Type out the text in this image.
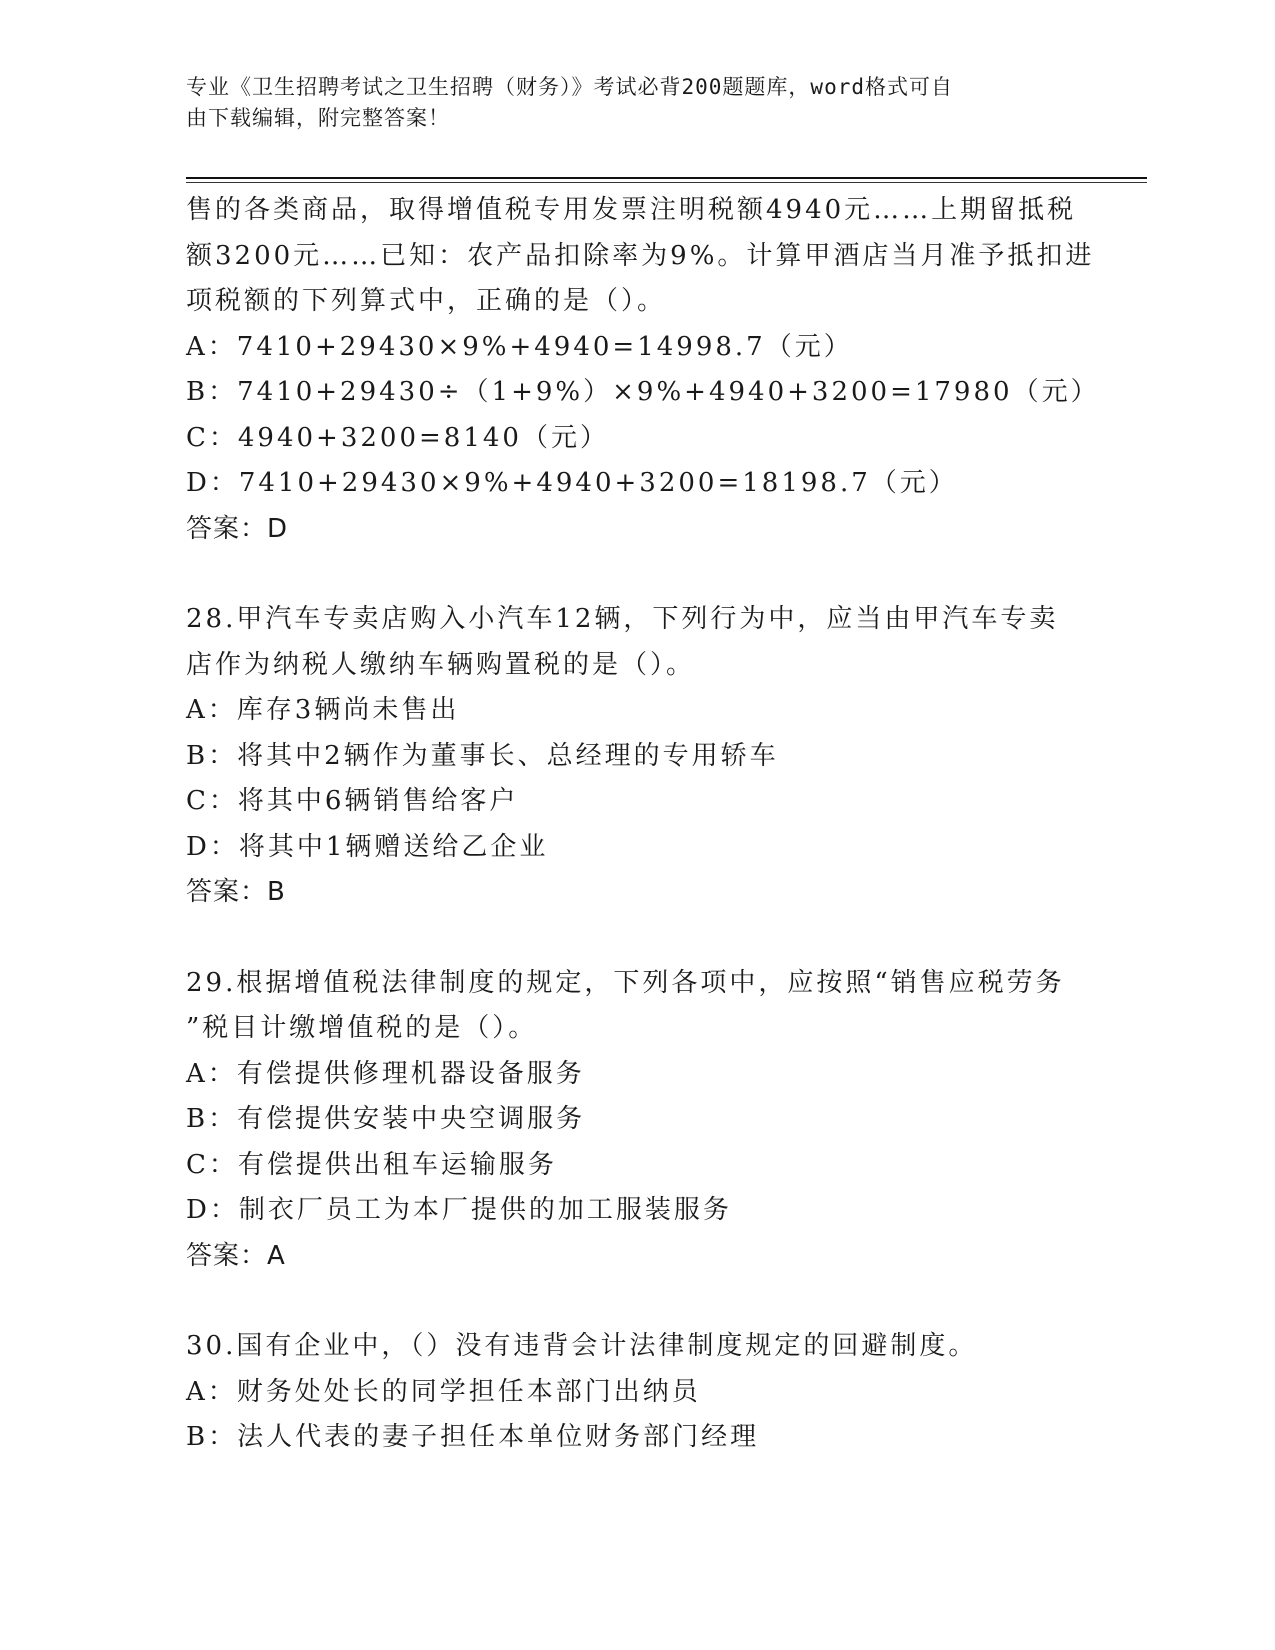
专业《卫生招聘考试之卫生招聘（财务）》考试必背200题题库，word格式可自
由下载编辑，附完整答案！
售的各类商品，取得增值税专用发票注明税额4940元……上期留抵税
额3200元……已知：农产品扣除率为9%。计算甲酒店当月准予抵扣进
项税额的下列算式中，正确的是（）。
A：7410+29430×9%+4940=14998.7（元）
B：7410+29430÷（1+9%）×9%+4940+3200=17980（元）
C：4940+3200=8140（元）
D：7410+29430×9%+4940+3200=18198.7（元）
答案：D
28.甲汽车专卖店购入小汽车12辆，下列行为中，应当由甲汽车专卖
店作为纳税人缴纳车辆购置税的是（）。
A：库存3辆尚未售出
B：将其中2辆作为董事长、总经理的专用轿车
C：将其中6辆销售给客户
D：将其中1辆赠送给乙企业
答案：B
29.根据增值税法律制度的规定，下列各项中，应按照“销售应税劳务
”税目计缴增值税的是（）。
A：有偿提供修理机器设备服务
B：有偿提供安装中央空调服务
C：有偿提供出租车运输服务
D：制衣厂员工为本厂提供的加工服装服务
答案：A
30.国有企业中，（）没有违背会计法律制度规定的回避制度。
A：财务处处长的同学担任本部门出纳员
B：法人代表的妻子担任本单位财务部门经理
